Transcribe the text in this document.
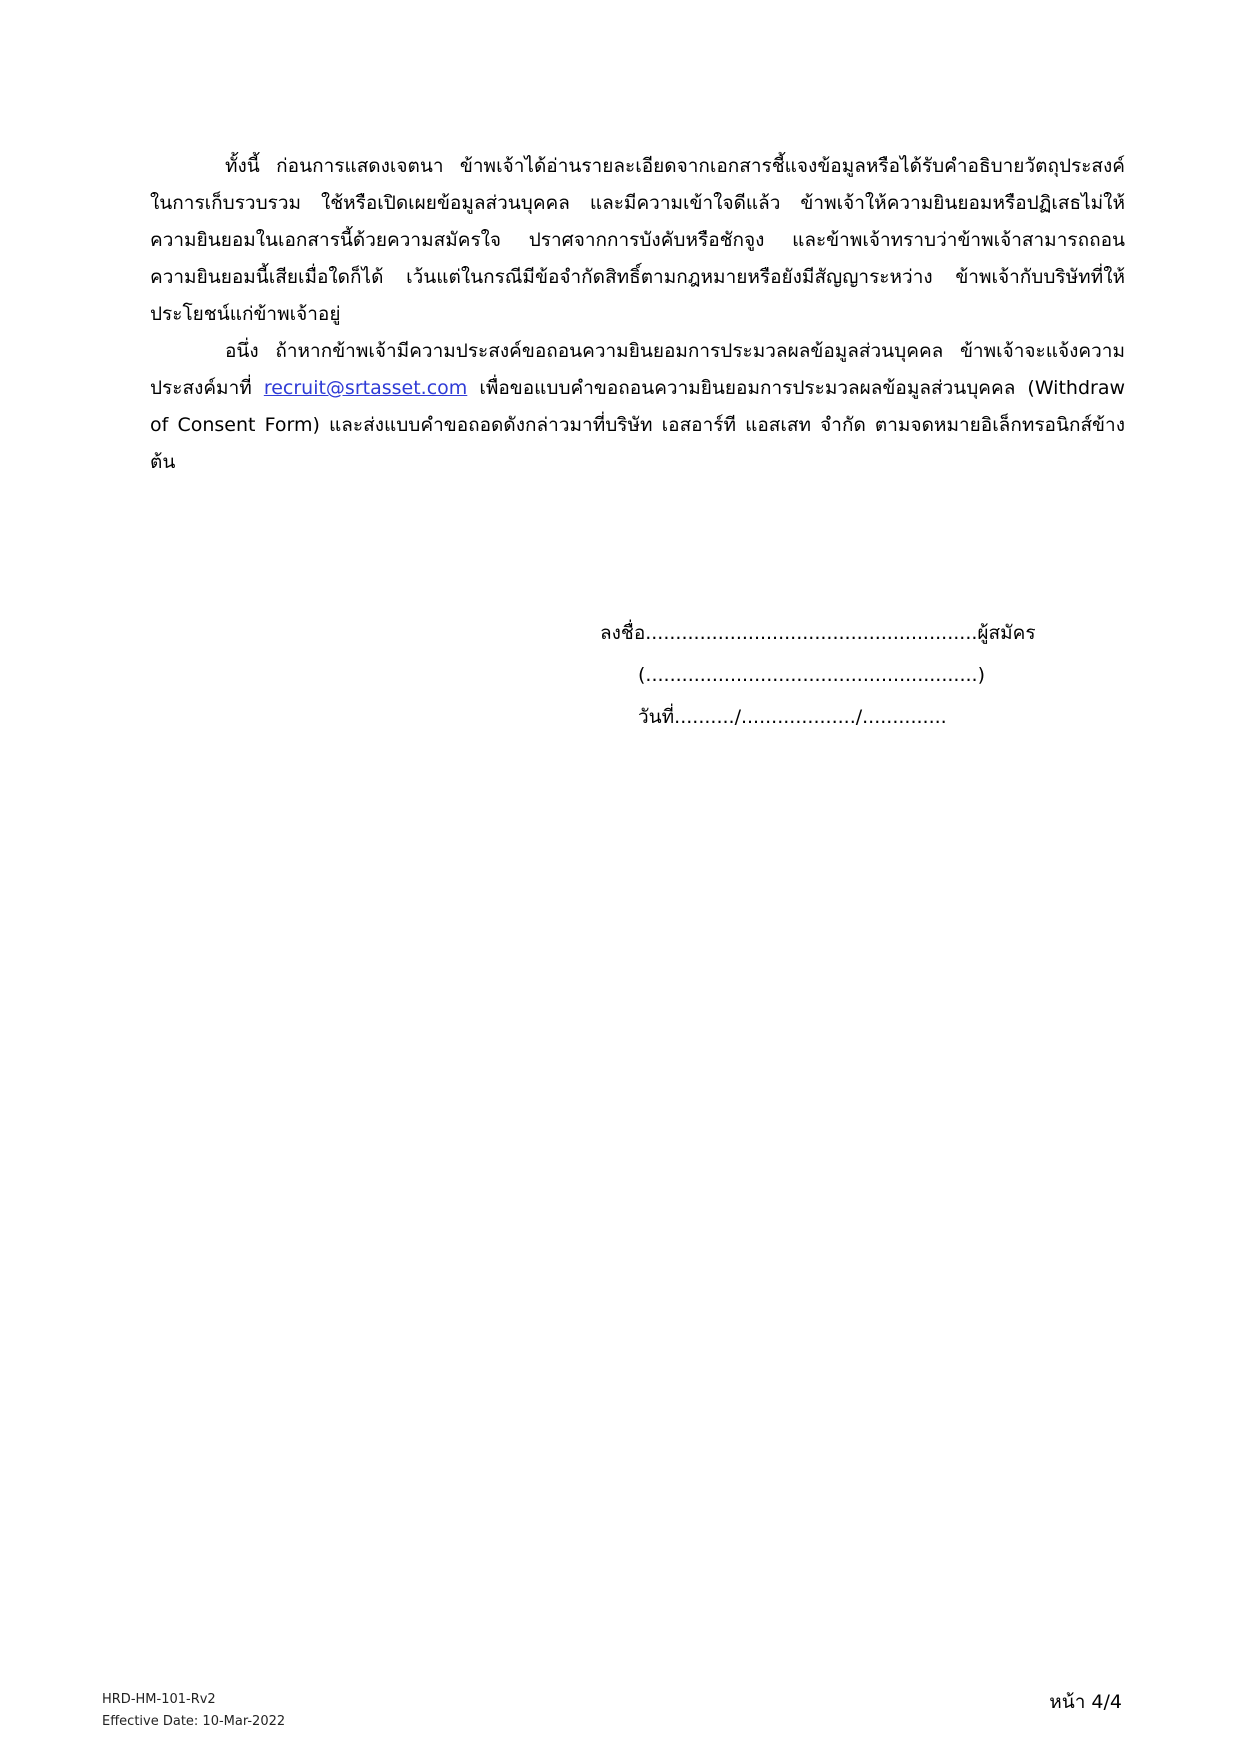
ทั้งนี้ ก่อนการแสดงเจตนา ข้าพเจ้าได้อ่านรายละเอียดจากเอกสารชี้แจงข้อมูลหรือได้รับคำอธิบายวัตถุประสงค์ในการเก็บรวบรวม ใช้หรือเปิดเผยข้อมูลส่วนบุคคล และมีความเข้าใจดีแล้ว ข้าพเจ้าให้ความยินยอมหรือปฏิเสธไม่ให้ความยินยอมในเอกสารนี้ด้วยความสมัครใจ ปราศจากการบังคับหรือชักจูง และข้าพเจ้าทราบว่าข้าพเจ้าสามารถถอนความยินยอมนี้เสียเมื่อใดก็ได้ เว้นแต่ในกรณีมีข้อจำกัดสิทธิ์ตามกฎหมายหรือยังมีสัญญาระหว่าง ข้าพเจ้ากับบริษัทที่ให้ประโยชน์แก่ข้าพเจ้าอยู่

อนึ่ง ถ้าหากข้าพเจ้ามีความประสงค์ขอถอนความยินยอมการประมวลผลข้อมูลส่วนบุคคล ข้าพเจ้าจะแจ้งความประสงค์มาที่ recruit@srtasset.com เพื่อขอแบบคำขอถอนความยินยอมการประมวลผลข้อมูลส่วนบุคคล (Withdraw of Consent Form) และส่งแบบคำขอถอดดังกล่าวมาที่บริษัท เอสอาร์ที แอสเสท จำกัด ตามจดหมายอิเล็กทรอนิกส์ข้างต้น

ลงชื่อ.......................................................ผู้สมัคร
(.......................................................)
วันที่........../.................../..............
HRD-HM-101-Rv2
Effective Date: 10-Mar-2022
หน้า 4/4
